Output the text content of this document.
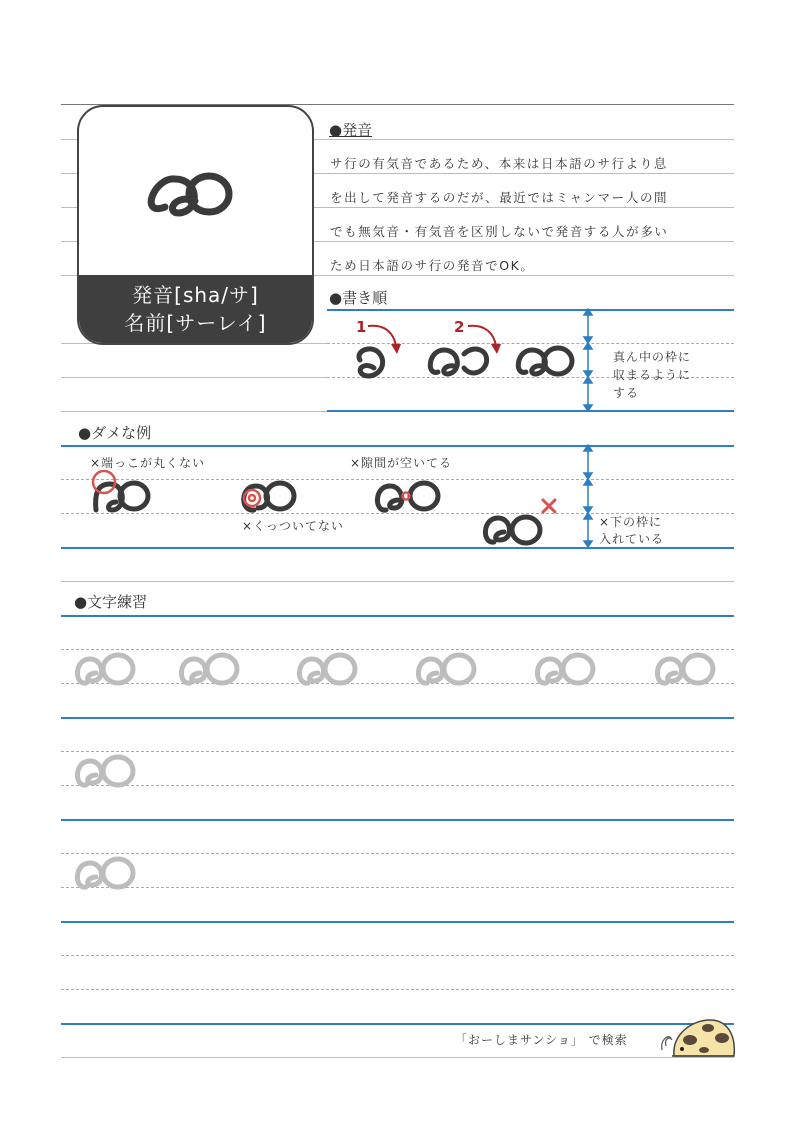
発音[sha/サ]
名前[サーレイ]
●発音
サ行の有気音であるため、本来は日本語のサ行より息
を出して発音するのだが、最近ではミャンマー人の間
でも無気音・有気音を区別しないで発音する人が多い
ため日本語のサ行の発音でOK。
●書き順
1	2
真ん中の枠に
収まるように
する
●ダメな例
×端っこが丸くない	×隙間が空いてる
×くっついてない	×下の枠に
入れている
●文字練習
「おーしまサンショ」 で検索
